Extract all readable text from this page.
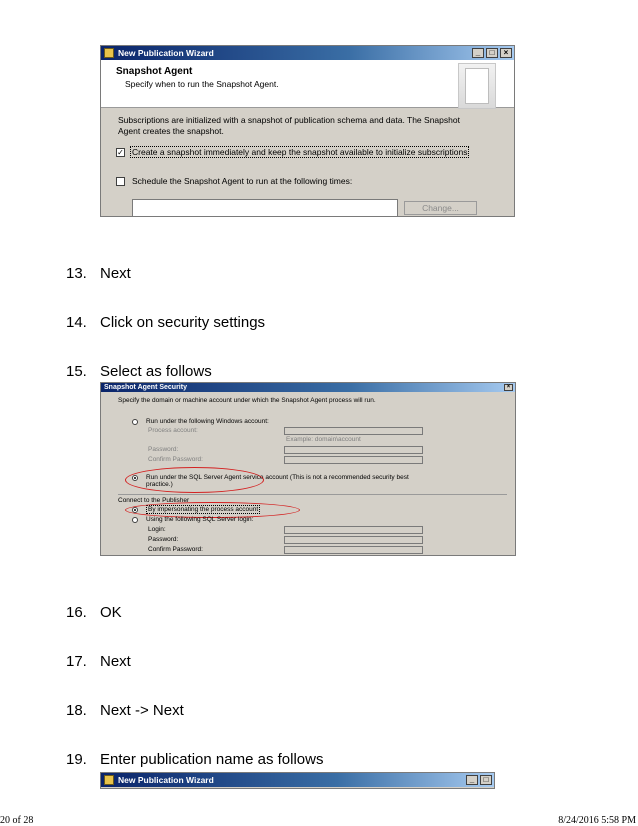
New Publication Wizard	_	□	×
Snapshot Agent
Specify when to run the Snapshot Agent.
Subscriptions are initialized with a snapshot of publication schema and data. The Snapshot
Agent creates the snapshot.
✓ Create a snapshot immediately and keep the snapshot available to initialize subscriptions
Schedule the Snapshot Agent to run at the following times:
Change...
13. Next
14. Click on security settings
15. Select as follows
Snapshot Agent Security	×
Specify the domain or machine account under which the Snapshot Agent process will run.
Run under the following Windows account:
Process account:
Example: domain\account
Password:
Confirm Password:
Run under the SQL Server Agent service account (This is not a recommended security best
practice.)
Connect to the Publisher
By impersonating the process account
Using the following SQL Server login:
Login:
Password:
Confirm Password:
16. OK
17. Next
18. Next -> Next
19. Enter publication name as follows
New Publication Wizard	_	□
20 of 28	8/24/2016 5:58 PM
